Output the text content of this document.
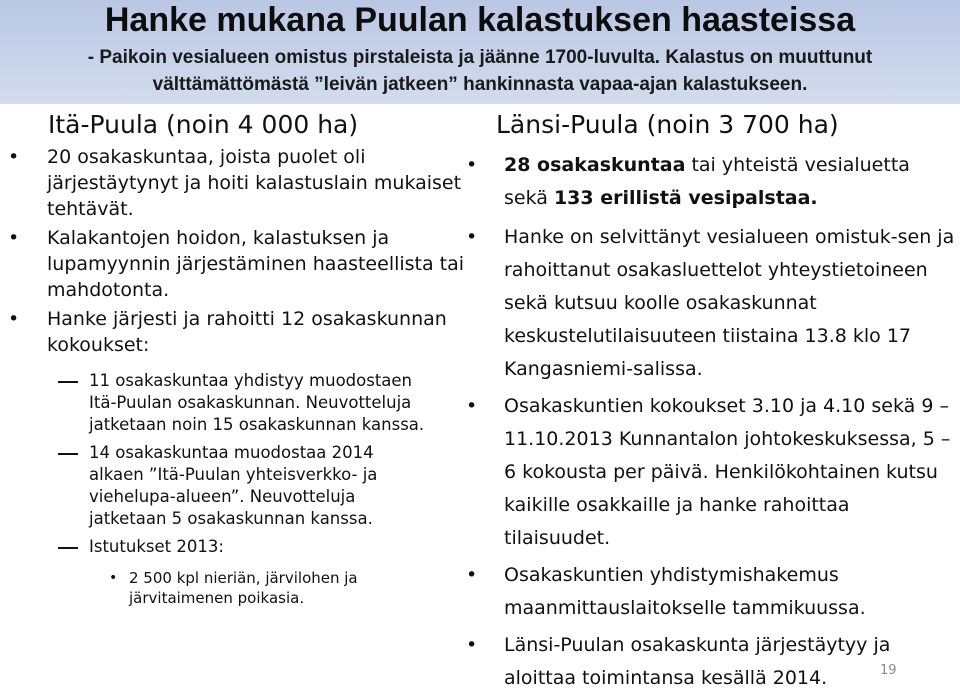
Hanke mukana Puulan kalastuksen haasteissa
- Paikoin vesialueen omistus pirstaleista ja jäänne 1700-luvulta. Kalastus on muuttunut
välttämättömästä ”leivän jatkeen” hankinnasta vapaa-ajan kalastukseen.
Itä-Puula (noin 4 000 ha)
• 20 osakaskuntaa, joista puolet oli järjestäytynyt ja hoiti kalastuslain mukaiset tehtävät.
• Kalakantojen hoidon, kalastuksen ja lupamyynnin järjestäminen haasteellista tai mahdotonta.
• Hanke järjesti ja rahoitti 12 osakaskunnan kokoukset:
11 osakaskuntaa yhdistyy muodostaen Itä-Puulan osakaskunnan. Neuvotteluja jatketaan noin 15 osakaskunnan kanssa.
14 osakaskuntaa muodostaa 2014 alkaen ”Itä-Puulan yhteisverkko- ja viehelupa-alueen”. Neuvotteluja jatketaan 5 osakaskunnan kanssa.
Istutukset 2013:
• 2 500 kpl nieriän, järvilohen ja järvitaimenen poikasia.
Länsi-Puula (noin 3 700 ha)
• 28 osakaskuntaa tai yhteistä vesialuetta sekä 133 erillistä vesipalstaa.
• Hanke on selvittänyt vesialueen omistuk-sen ja rahoittanut osakasluettelot yhteystietoineen sekä kutsuu koolle osakaskunnat keskustelutilaisuuteen tiistaina 13.8 klo 17 Kangasniemi-salissa.
• Osakaskuntien kokoukset 3.10 ja 4.10 sekä 9 – 11.10.2013 Kunnantalon johtokeskuksessa, 5 – 6 kokousta per päivä. Henkilökohtainen kutsu kaikille osakkaille ja hanke rahoittaa tilaisuudet.
• Osakaskuntien yhdistymishakemus maanmittauslaitokselle tammikuussa.
• Länsi-Puulan osakaskunta järjestäytyy ja aloittaa toimintansa kesällä 2014.	19
